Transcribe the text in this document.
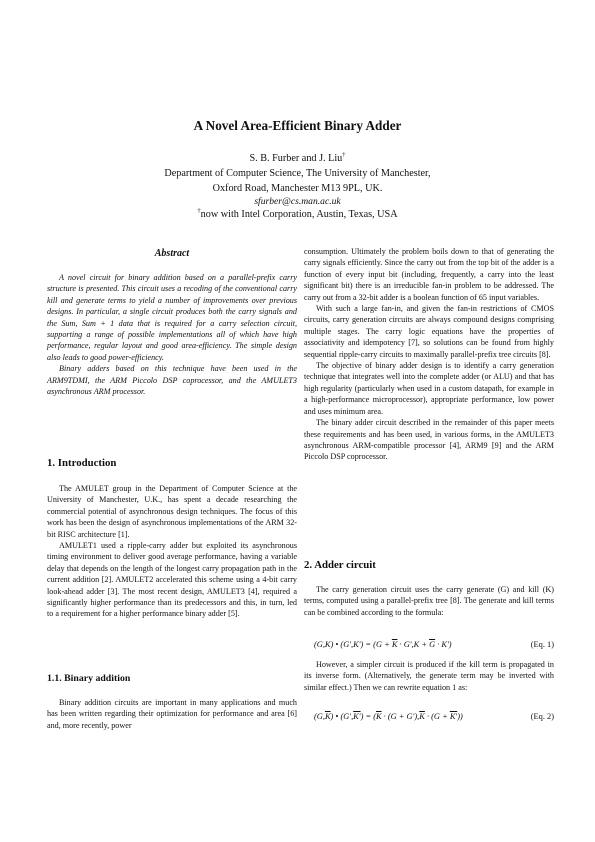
A Novel Area-Efficient Binary Adder
S. B. Furber and J. Liu†
Department of Computer Science, The University of Manchester,
Oxford Road, Manchester M13 9PL, UK.
sfurber@cs.man.ac.uk
†now with Intel Corporation, Austin, Texas, USA
Abstract

A novel circuit for binary addition based on a parallel-prefix carry structure is presented. This circuit uses a recoding of the conventional carry kill and generate terms to yield a number of improvements over previous designs. In particular, a single circuit produces both the carry signals and the Sum, Sum + 1 data that is required for a carry selection circuit, supporting a range of possible implementations all of which have high performance, regular layout and good area-efficiency. The simple design also leads to good power-efficiency.

Binary adders based on this technique have been used in the ARM9TDMI, the ARM Piccolo DSP coprocessor, and the AMULET3 asynchronous ARM processor.

1. Introduction

The AMULET group in the Department of Computer Science at the University of Manchester, U.K., has spent a decade researching the commercial potential of asynchronous design techniques. The focus of this work has been the design of asynchronous implementations of the ARM 32-bit RISC architecture [1].

AMULET1 used a ripple-carry adder but exploited its asynchronous timing environment to deliver good average performance, having a variable delay that depends on the length of the longest carry propagation path in the current addition [2]. AMULET2 accelerated this scheme using a 4-bit carry look-ahead adder [3]. The most recent design, AMULET3 [4], required a significantly higher performance than its predecessors and this, in turn, led to a requirement for a higher performance binary adder [5].

1.1. Binary addition

Binary addition circuits are important in many applications and much has been written regarding their optimization for performance and area [6] and, more recently, power

consumption. Ultimately the problem boils down to that of generating the carry signals efficiently. Since the carry out from the top bit of the adder is a function of every input bit (including, frequently, a carry into the least significant bit) there is an irreducible fan-in problem to be addressed. The carry out from a 32-bit adder is a boolean function of 65 input variables.

With such a large fan-in, and given the fan-in restrictions of CMOS circuits, carry generation circuits are always compound designs comprising multiple stages. The carry logic equations have the properties of associativity and idempotency [7], so solutions can be found from highly sequential ripple-carry circuits to maximally parallel-prefix tree circuits [8].

The objective of binary adder design is to identify a carry generation technique that integrates well into the complete adder (or ALU) and that has high regularity (particularly when used in a custom datapath, for example in a high-performance microprocessor), appropriate performance, low power and uses minimum area.

The binary adder circuit described in the remainder of this paper meets these requirements and has been used, in various forms, in the AMULET3 asynchronous ARM-compatible processor [4], ARM9 [9] and the ARM Piccolo DSP coprocessor.

2. Adder circuit

The carry generation circuit uses the carry generate (G) and kill (K) terms, computed using a parallel-prefix tree [8]. The generate and kill terms can be combined according to the formula:

(G,K) • $(G',K') = (G + \overline{K} \cdot G',K + \overline{G} \cdot K')$	(Eq. 1)

However, a simpler circuit is produced if the kill term is propagated in its inverse form. (Alternatively, the generate term may be inverted with similar effect.) Then we can rewrite equation 1 as:

$(G,\overline{K})$ • $(G',K') = (\overline{K} \cdot (G + G'),\overline{K} \cdot (G + K'))$	(Eq. 2)
